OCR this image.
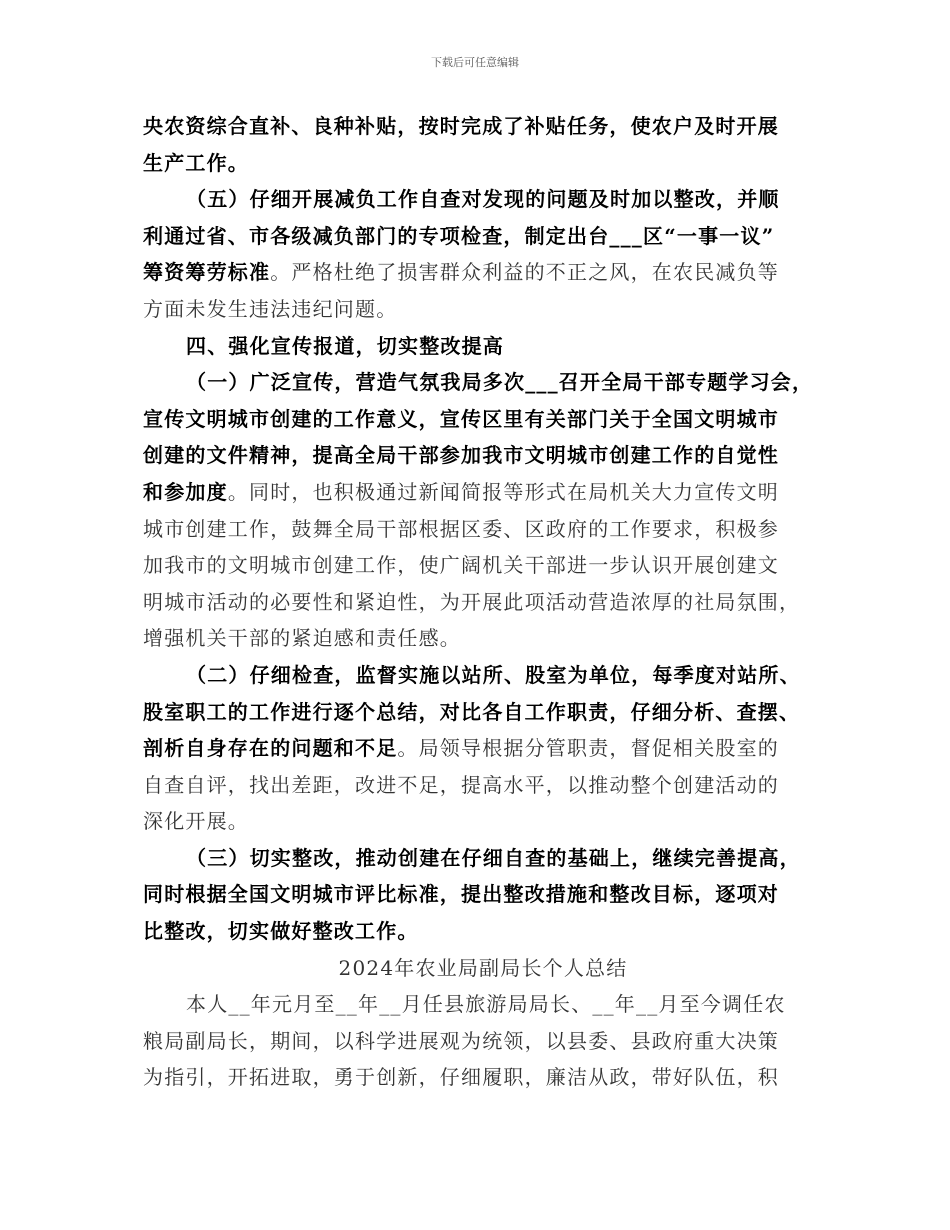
下载后可任意编辑
央农资综合直补、良种补贴，按时完成了补贴任务，使农户及时开展
生产工作。
（五）仔细开展减负工作自查对发现的问题及时加以整改，并顺
利通过省、市各级减负部门的专项检查，制定出台___区“一事一议”
筹资筹劳标准。严格杜绝了损害群众利益的不正之风，在农民减负等
方面未发生违法违纪问题。
四、强化宣传报道，切实整改提高
（一）广泛宣传，营造气氛我局多次___召开全局干部专题学习会，
宣传文明城市创建的工作意义，宣传区里有关部门关于全国文明城市
创建的文件精神，提高全局干部参加我市文明城市创建工作的自觉性
和参加度。同时，也积极通过新闻简报等形式在局机关大力宣传文明
城市创建工作，鼓舞全局干部根据区委、区政府的工作要求，积极参
加我市的文明城市创建工作，使广阔机关干部进一步认识开展创建文
明城市活动的必要性和紧迫性，为开展此项活动营造浓厚的社局氛围，
增强机关干部的紧迫感和责任感。
（二）仔细检查，监督实施以站所、股室为单位，每季度对站所、
股室职工的工作进行逐个总结，对比各自工作职责，仔细分析、查摆、
剖析自身存在的问题和不足。局领导根据分管职责，督促相关股室的
自查自评，找出差距，改进不足，提高水平，以推动整个创建活动的
深化开展。
（三）切实整改，推动创建在仔细自查的基础上，继续完善提高，
同时根据全国文明城市评比标准，提出整改措施和整改目标，逐项对
比整改，切实做好整改工作。
2024年农业局副局长个人总结
本人__年元月至__年__月任县旅游局局长、__年__月至今调任农
粮局副局长，期间，以科学进展观为统领，以县委、县政府重大决策
为指引，开拓进取，勇于创新，仔细履职，廉洁从政，带好队伍，积
